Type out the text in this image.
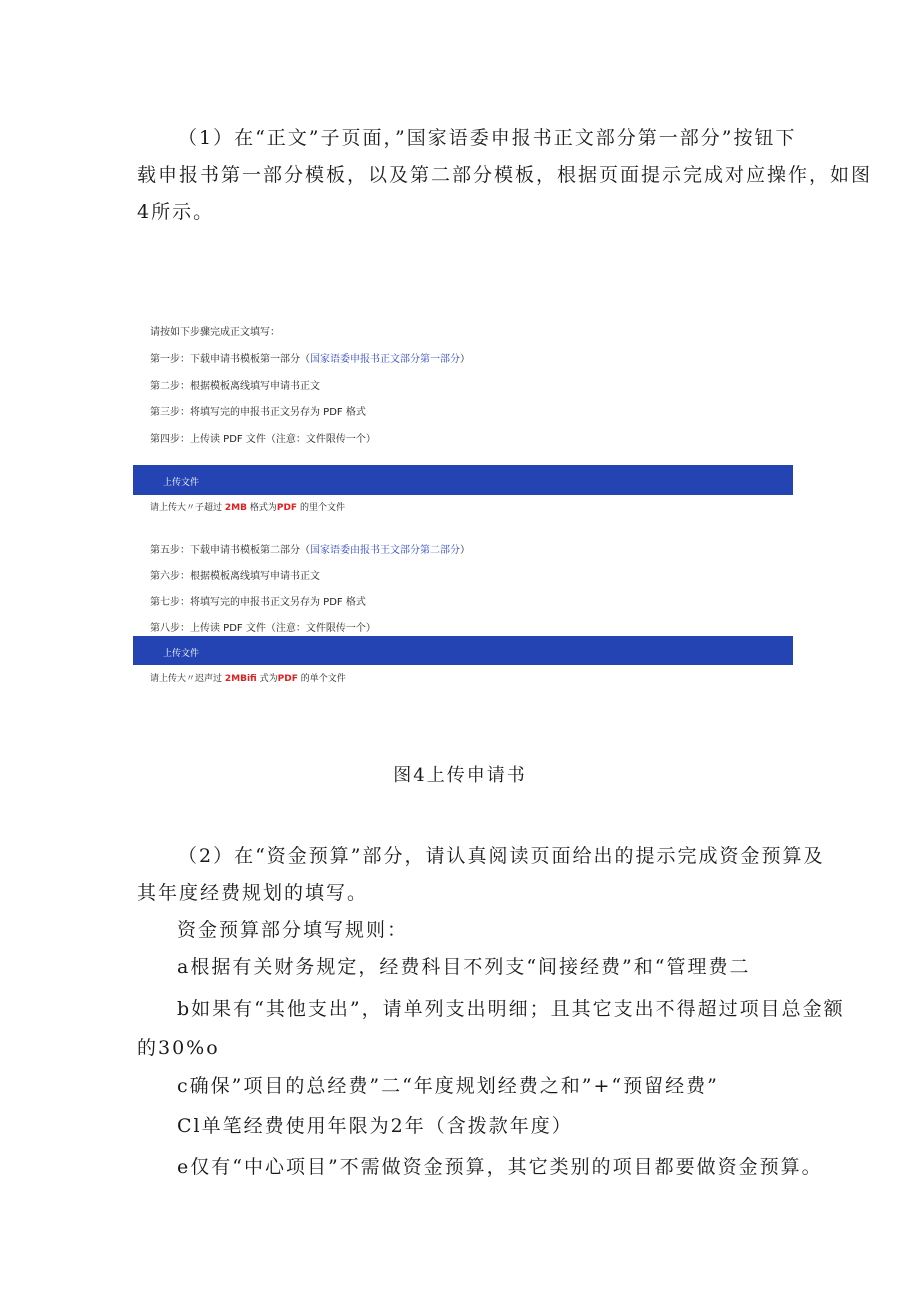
（1）在“正文”子页面，”国家语委申报书正文部分第一部分”按钮下
载申报书第一部分模板，以及第二部分模板，根据页面提示完成对应操作，如图
4所示。
请按如下步骤完成正文填写：
第一步：下载申请书模板第一部分（国家语委申报书正文部分第一部分）
第二步：根据模板离线填写申请书正文
第三步：将填写完的申报书正文另存为 PDF 格式
第四步：上传读 PDF 文件（注意：文件限传一个）
上传文件
请上传大〃子超过 2MB 格式为PDF 的里个文件
第五步：下载申请书模板第二部分（国家语委由报书王文部分第二部分）
第六步：根据模板离线填写申请书正文
第七步：将填写完的申报书正文另存为 PDF 格式
第八步：上传读 PDF 文件（注意：文件限传一个）
上传文件
请上传大〃迟声过 2MBifi 式为PDF 的单个文件
图4上传申请书
（2）在“资金预算”部分，请认真阅读页面给出的提示完成资金预算及
其年度经费规划的填写。
资金预算部分填写规则：
a根据有关财务规定，经费科目不列支“间接经费”和“管理费二
b如果有“其他支出”，请单列支出明细；且其它支出不得超过项目总金额
的30%o
c确保”项目的总经费”二“年度规划经费之和”+“预留经费”
Cl单笔经费使用年限为2年（含拨款年度）
e仅有“中心项目”不需做资金预算，其它类别的项目都要做资金预算。
